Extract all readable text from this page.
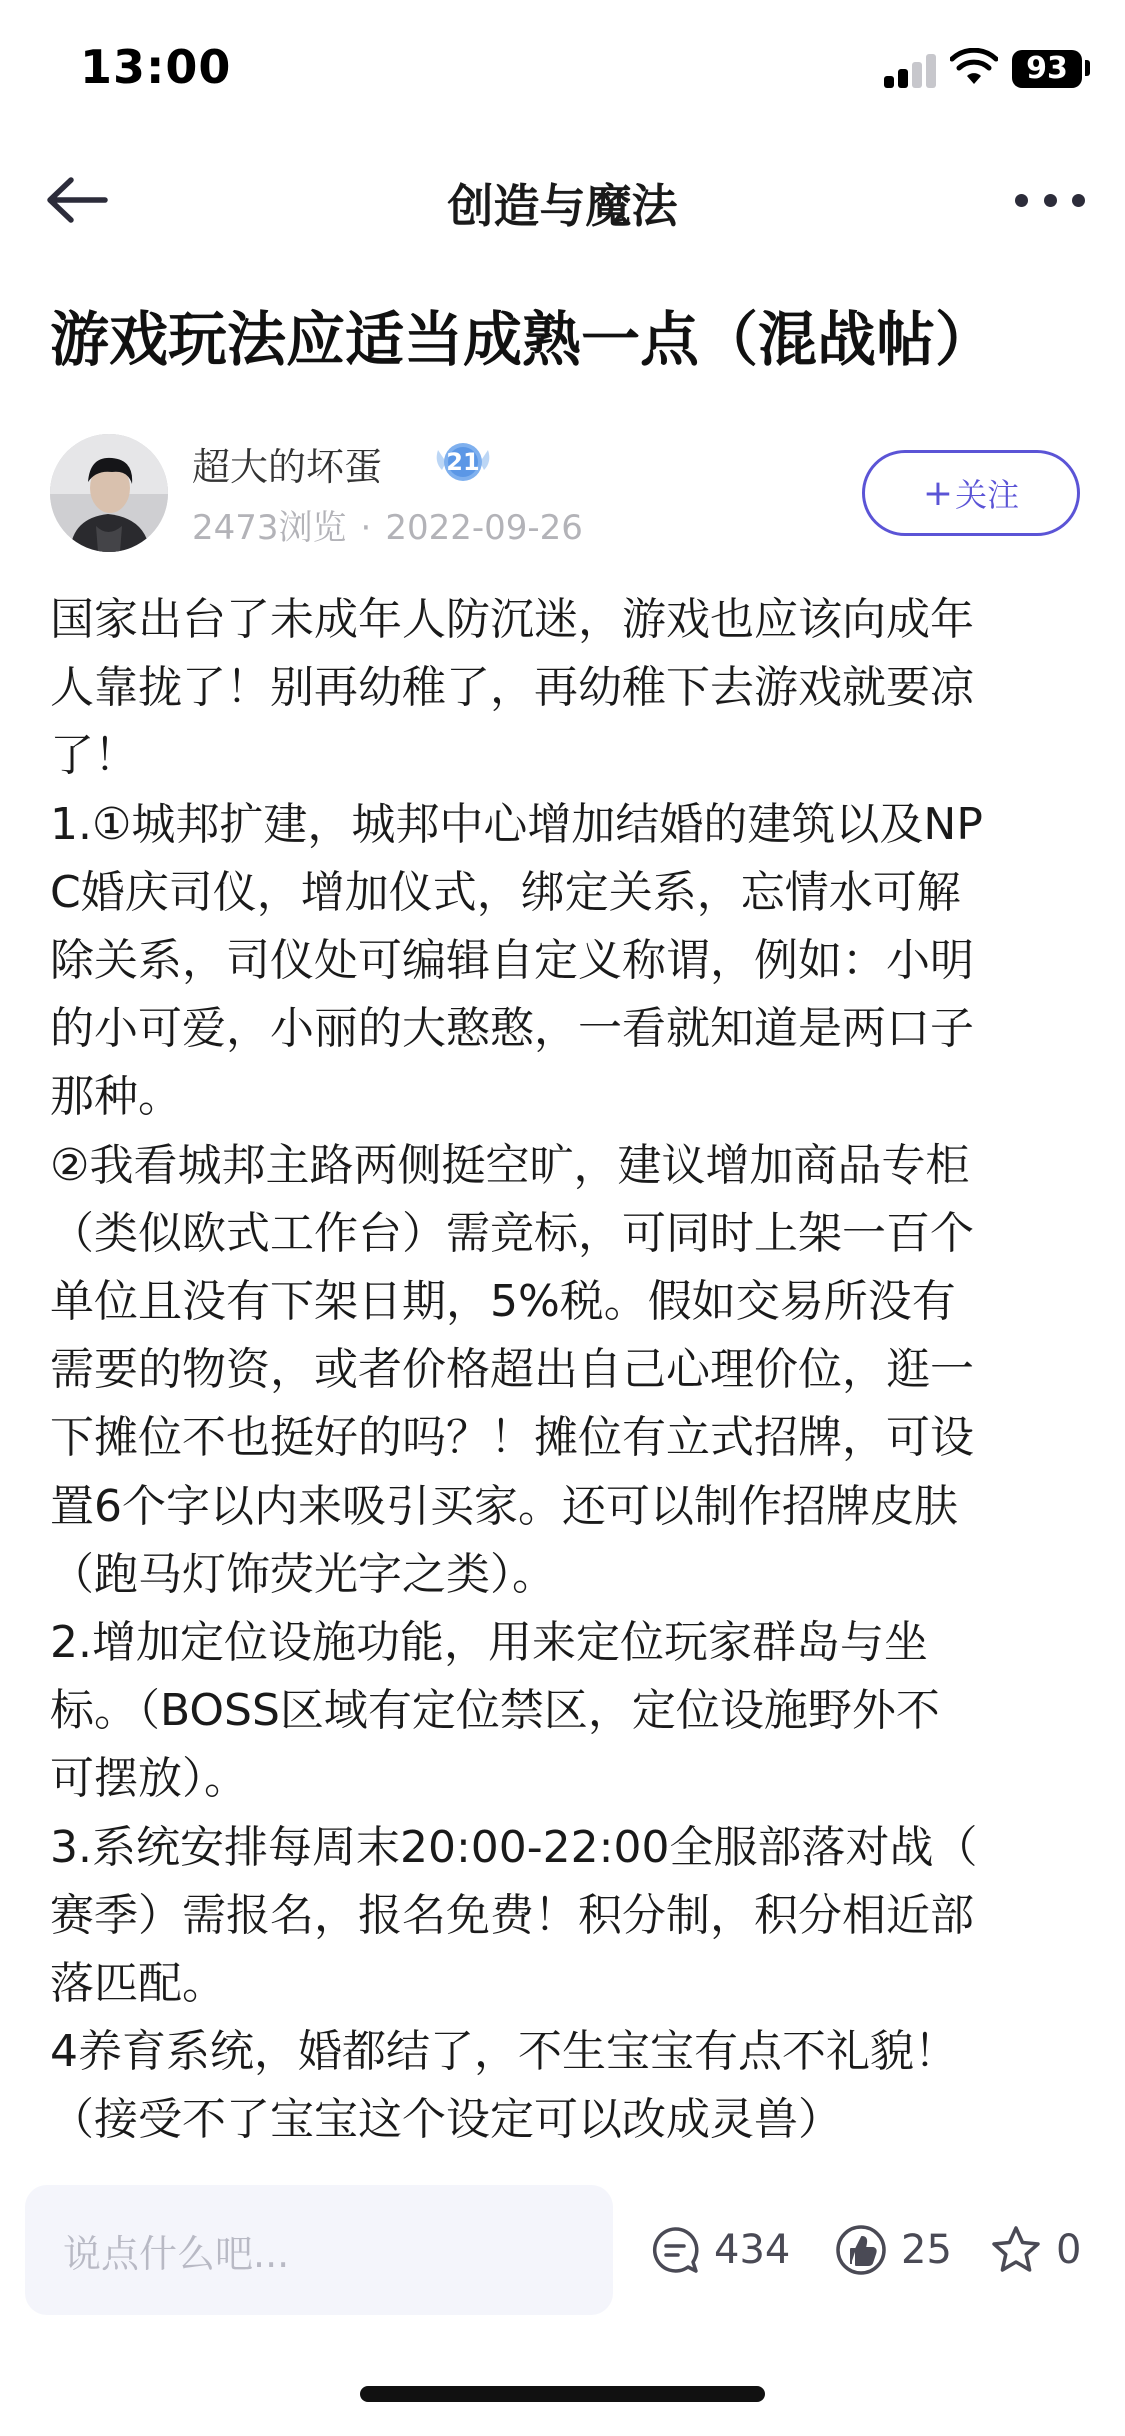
13:00	93
创造与魔法
游戏玩法应适当成熟一点（混战帖）
超大的坏蛋	21
2473浏览 · 2022-09-26
+ 关注

国家出台了未成年人防沉迷，游戏也应该向成年

人靠拢了！别再幼稚了，再幼稚下去游戏就要凉

了！

1.①城邦扩建，城邦中心增加结婚的建筑以及NP

C婚庆司仪，增加仪式，绑定关系，忘情水可解

除关系，司仪处可编辑自定义称谓，例如：小明

的小可爱，小丽的大憨憨，一看就知道是两口子

那种。

②我看城邦主路两侧挺空旷，建议增加商品专柜

（类似欧式工作台）需竞标，可同时上架一百个

单位且没有下架日期，5%税。假如交易所没有

需要的物资，或者价格超出自己心理价位，逛一

下摊位不也挺好的吗？！摊位有立式招牌，可设

置6个字以内来吸引买家。还可以制作招牌皮肤

（跑马灯饰荧光字之类）。

2.增加定位设施功能，用来定位玩家群岛与坐

标。（BOSS区域有定位禁区，定位设施野外不

可摆放）。

3.系统安排每周末20:00-22:00全服部落对战（

赛季）需报名，报名免费！积分制，积分相近部

落匹配。

4养育系统，婚都结了，不生宝宝有点不礼貌！

（接受不了宝宝这个设定可以改成灵兽）

说点什么吧...	434	25	0
